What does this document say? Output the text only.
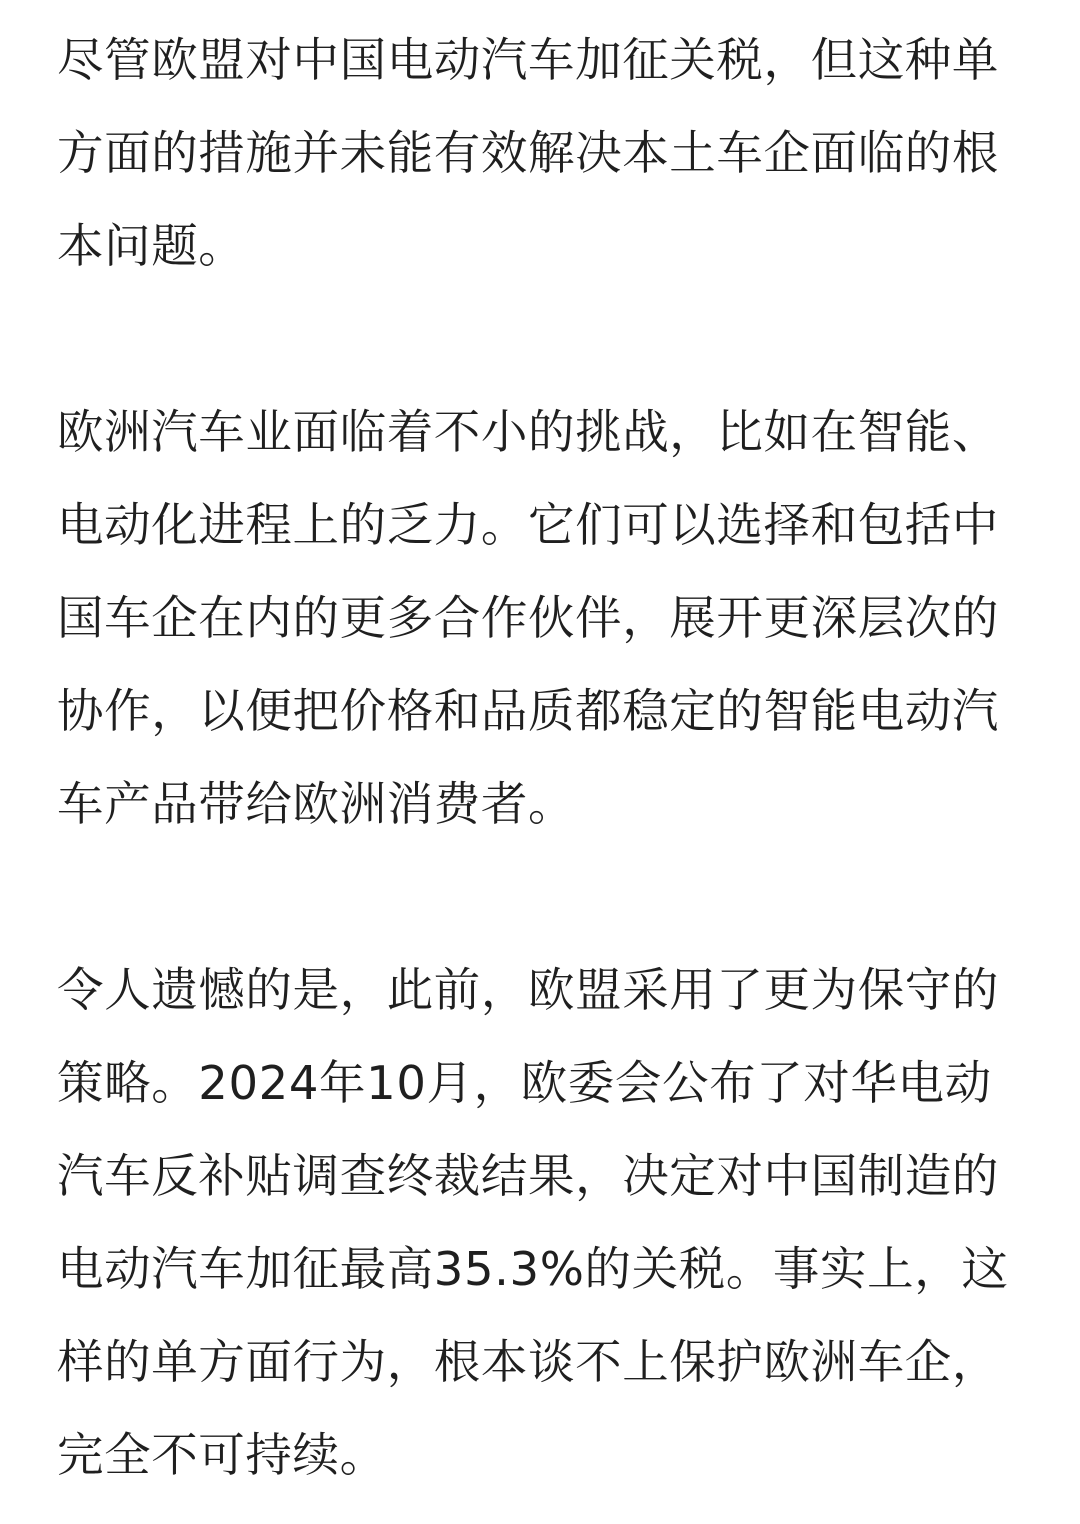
尽管欧盟对中国电动汽车加征关税，但这种单
方面的措施并未能有效解决本土车企面临的根
本问题。

欧洲汽车业面临着不小的挑战，比如在智能、
电动化进程上的乏力。它们可以选择和包括中
国车企在内的更多合作伙伴，展开更深层次的
协作，以便把价格和品质都稳定的智能电动汽
车产品带给欧洲消费者。

令人遗憾的是，此前，欧盟采用了更为保守的
策略。2024年10月，欧委会公布了对华电动
汽车反补贴调查终裁结果，决定对中国制造的
电动汽车加征最高35.3%的关税。事实上，这
样的单方面行为，根本谈不上保护欧洲车企，
完全不可持续。
